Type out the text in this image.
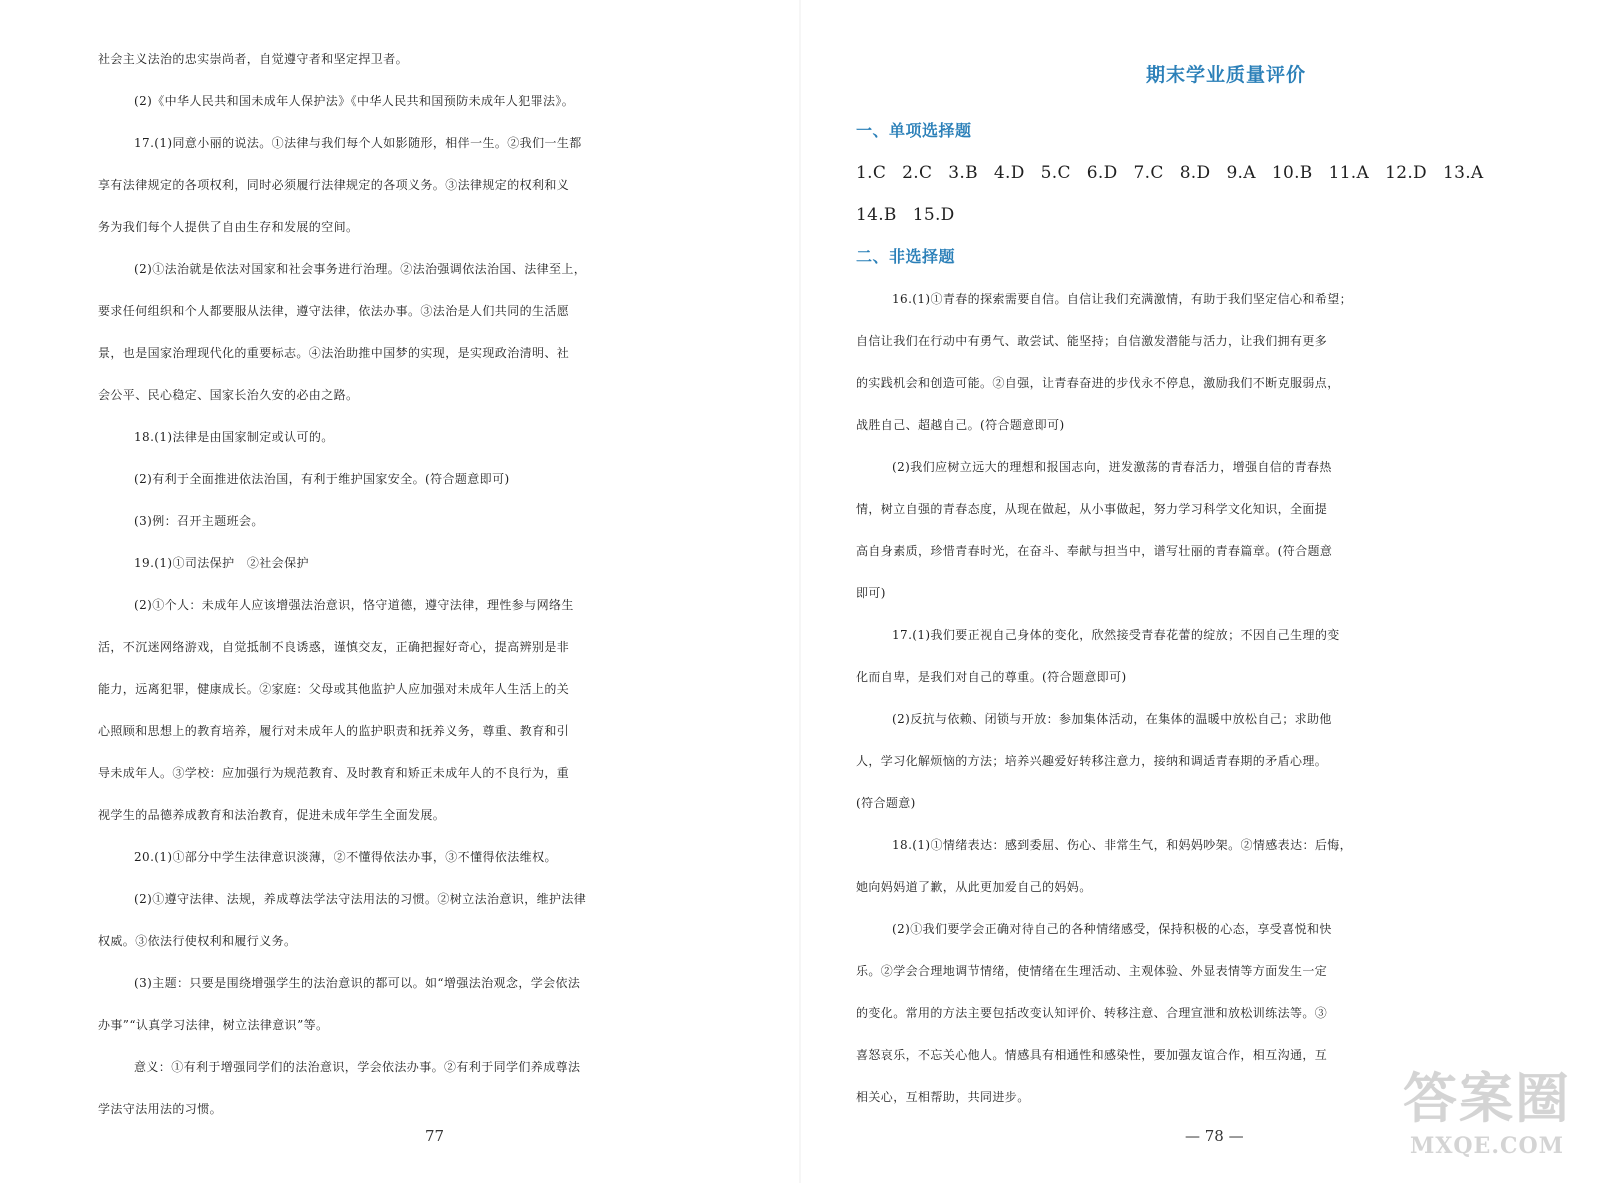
社会主义法治的忠实崇尚者，自觉遵守者和坚定捍卫者。
(2)《中华人民共和国未成年人保护法》《中华人民共和国预防未成年人犯罪法》。
17.(1)同意小丽的说法。①法律与我们每个人如影随形，相伴一生。②我们一生都
享有法律规定的各项权利，同时必须履行法律规定的各项义务。③法律规定的权利和义
务为我们每个人提供了自由生存和发展的空间。
(2)①法治就是依法对国家和社会事务进行治理。②法治强调依法治国、法律至上，
要求任何组织和个人都要服从法律，遵守法律，依法办事。③法治是人们共同的生活愿
景，也是国家治理现代化的重要标志。④法治助推中国梦的实现，是实现政治清明、社
会公平、民心稳定、国家长治久安的必由之路。
18.(1)法律是由国家制定或认可的。
(2)有利于全面推进依法治国，有利于维护国家安全。(符合题意即可)
(3)例：召开主题班会。
19.(1)①司法保护　②社会保护
(2)①个人：未成年人应该增强法治意识，恪守道德，遵守法律，理性参与网络生
活，不沉迷网络游戏，自觉抵制不良诱惑，谨慎交友，正确把握好奇心，提高辨别是非
能力，远离犯罪，健康成长。②家庭：父母或其他监护人应加强对未成年人生活上的关
心照顾和思想上的教育培养，履行对未成年人的监护职责和抚养义务，尊重、教育和引
导未成年人。③学校：应加强行为规范教育、及时教育和矫正未成年人的不良行为，重
视学生的品德养成教育和法治教育，促进未成年学生全面发展。
20.(1)①部分中学生法律意识淡薄，②不懂得依法办事，③不懂得依法维权。
(2)①遵守法律、法规，养成尊法学法守法用法的习惯。②树立法治意识，维护法律
权威。③依法行使权利和履行义务。
(3)主题：只要是围绕增强学生的法治意识的都可以。如“增强法治观念，学会依法
办事”“认真学习法律，树立法律意识”等。
意义：①有利于增强同学们的法治意识，学会依法办事。②有利于同学们养成尊法
学法守法用法的习惯。
77
期末学业质量评价
一、单项选择题
1.C 2.C 3.B 4.D 5.C 6.D 7.C 8.D 9.A 10.B 11.A 12.D 13.A
14.B 15.D
二、非选择题
16.(1)①青春的探索需要自信。自信让我们充满激情，有助于我们坚定信心和希望；
自信让我们在行动中有勇气、敢尝试、能坚持；自信激发潜能与活力，让我们拥有更多
的实践机会和创造可能。②自强，让青春奋进的步伐永不停息，激励我们不断克服弱点，
战胜自己、超越自己。(符合题意即可)
(2)我们应树立远大的理想和报国志向，迸发激荡的青春活力，增强自信的青春热
情，树立自强的青春态度，从现在做起，从小事做起，努力学习科学文化知识，全面提
高自身素质，珍惜青春时光，在奋斗、奉献与担当中，谱写壮丽的青春篇章。(符合题意
即可)
17.(1)我们要正视自己身体的变化，欣然接受青春花蕾的绽放；不因自己生理的变
化而自卑，是我们对自己的尊重。(符合题意即可)
(2)反抗与依赖、闭锁与开放：参加集体活动，在集体的温暖中放松自己；求助他
人，学习化解烦恼的方法；培养兴趣爱好转移注意力，接纳和调适青春期的矛盾心理。
(符合题意)
18.(1)①情绪表达：感到委屈、伤心、非常生气，和妈妈吵架。②情感表达：后悔，
她向妈妈道了歉，从此更加爱自己的妈妈。
(2)①我们要学会正确对待自己的各种情绪感受，保持积极的心态，享受喜悦和快
乐。②学会合理地调节情绪，使情绪在生理活动、主观体验、外显表情等方面发生一定
的变化。常用的方法主要包括改变认知评价、转移注意、合理宣泄和放松训练法等。③
喜怒哀乐，不忘关心他人。情感具有相通性和感染性，要加强友谊合作，相互沟通，互
相关心，互相帮助，共同进步。
— 78 —
答案圈
MXQE.COM
